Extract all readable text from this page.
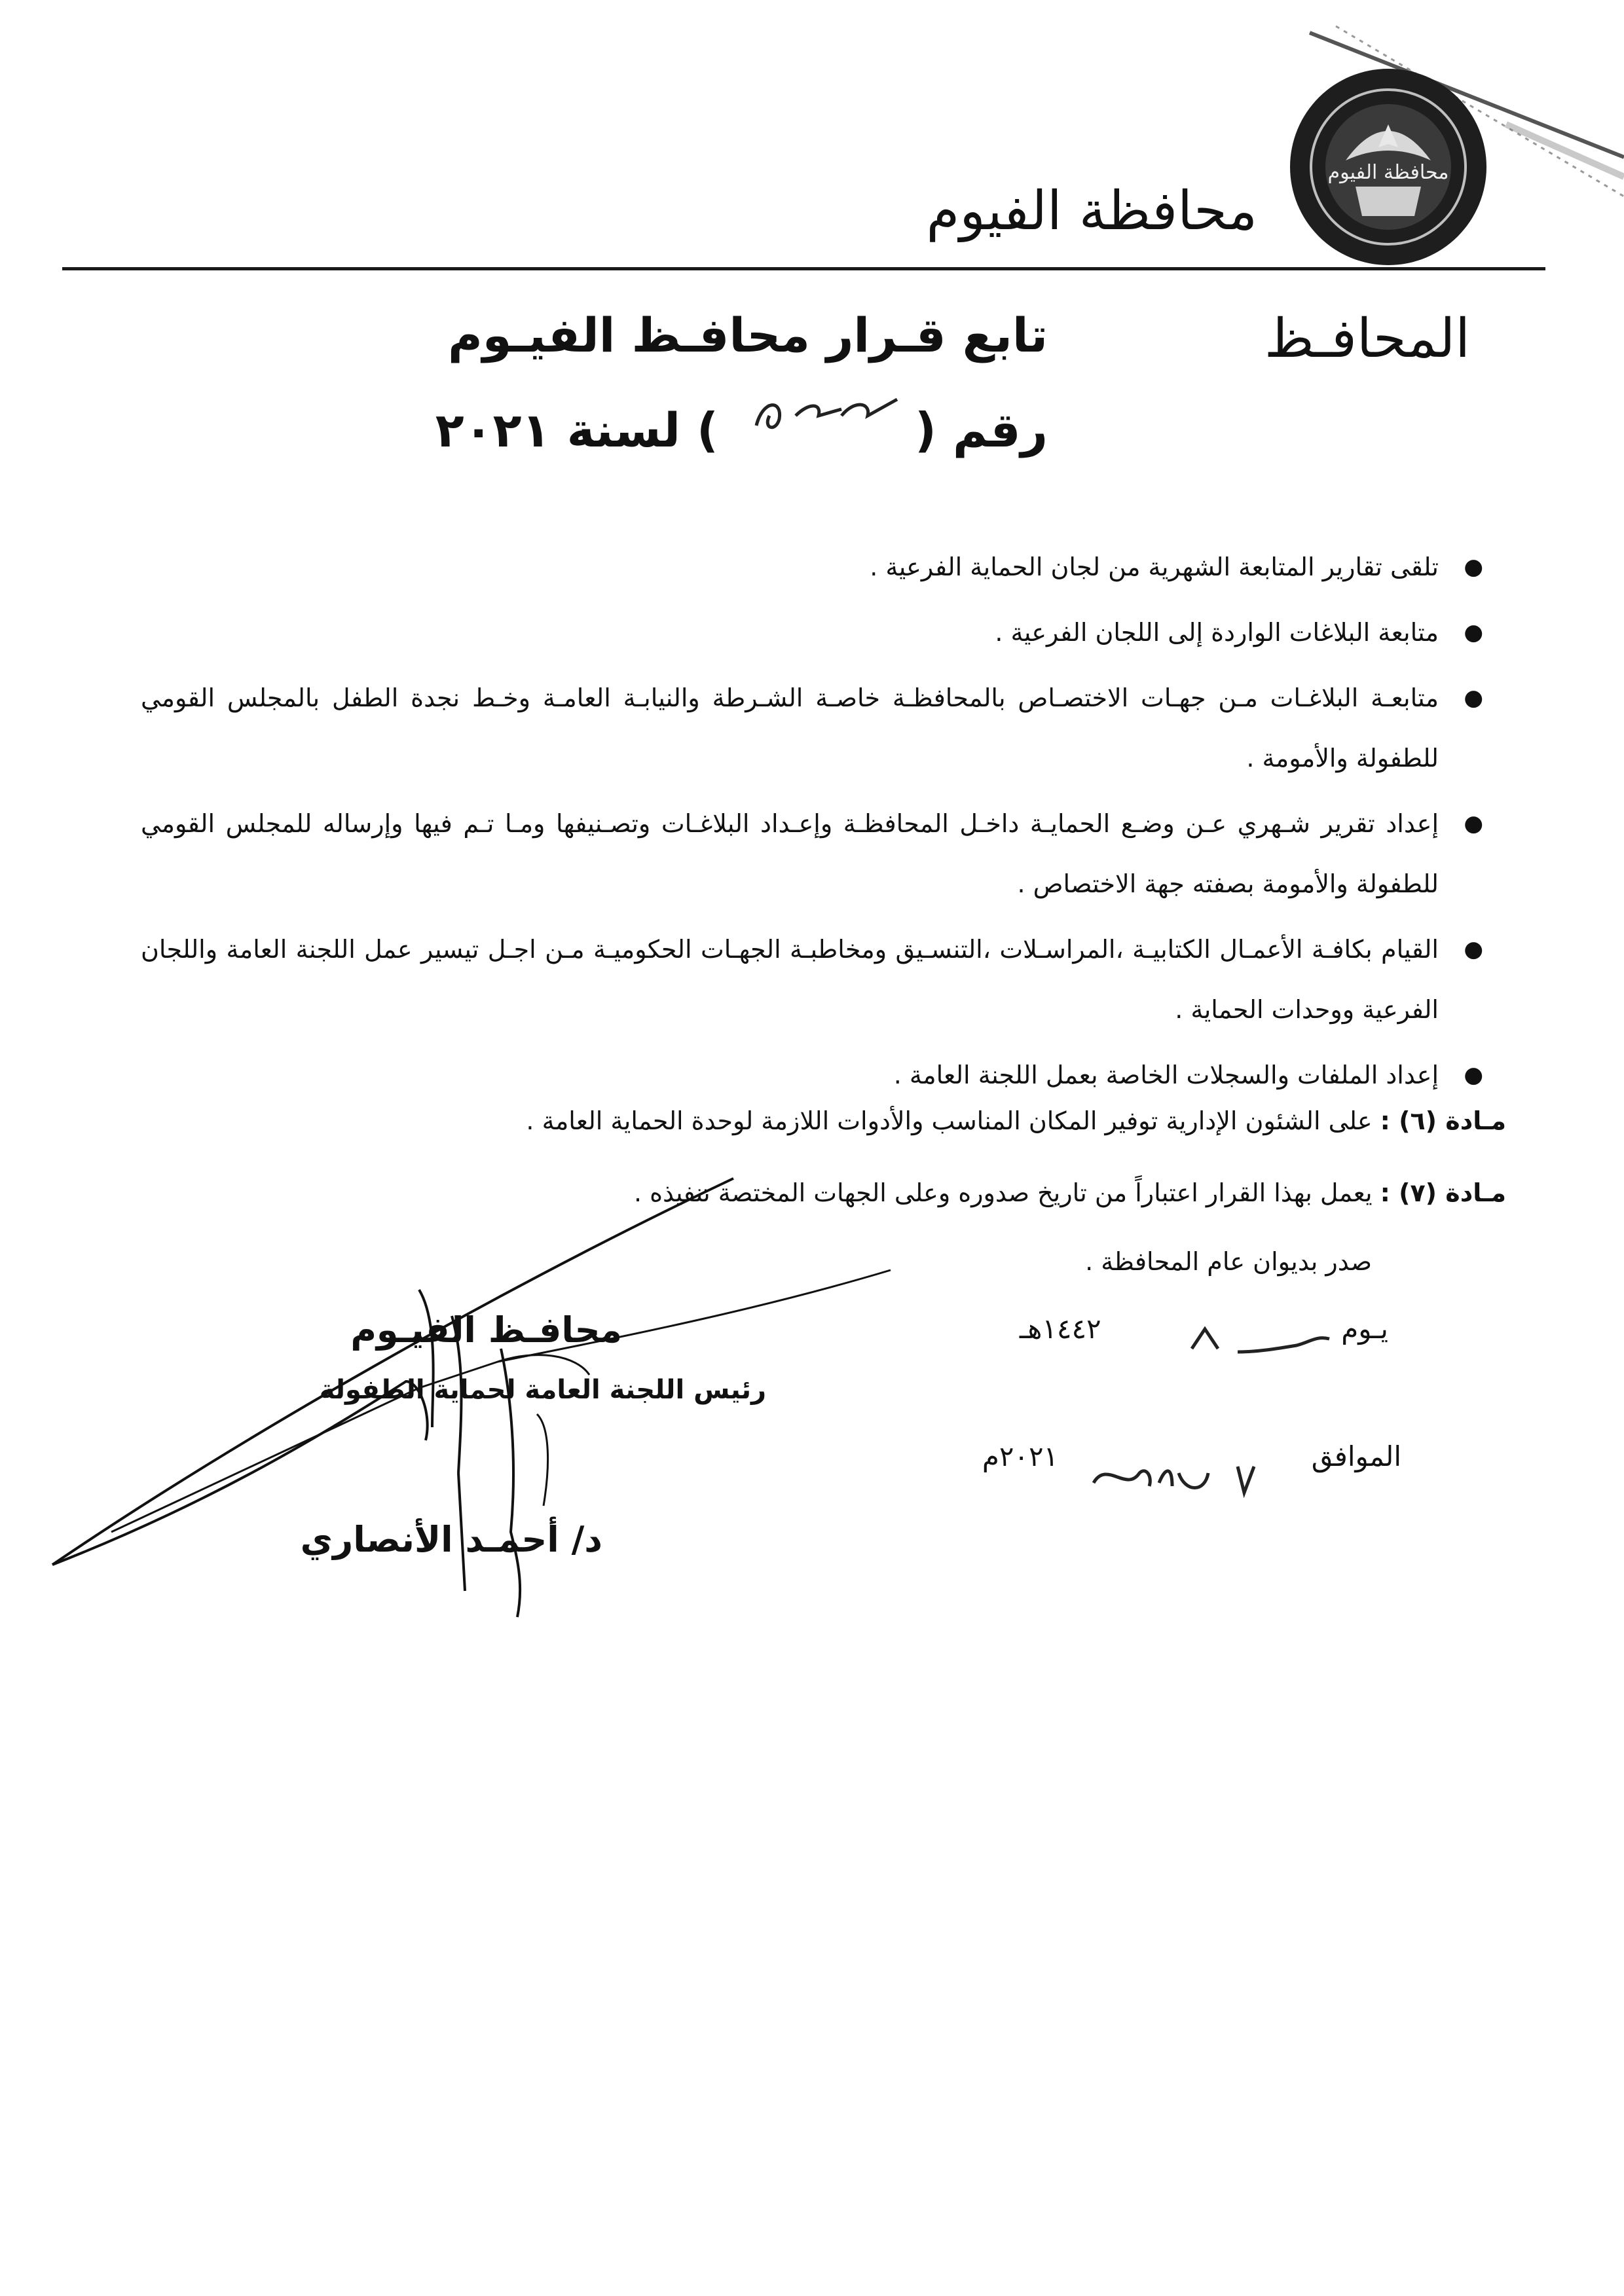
محافظة الفيوم
محافظة الفيوم
المحافـظ
تابع قـرار محافـظ الفيـوم
رقم () لسنة ٢٠٢١	٤٢٢
● تلقى تقارير المتابعة الشهرية من لجان الحماية الفرعية .
● متابعة البلاغات الواردة إلى اللجان الفرعية .
● متابعـة البلاغـات مـن جهـات الاختصـاص بالمحافظـة خاصـة الشـرطة والنيابـة العامـة وخـط نجدة الطفل بالمجلس القومي للطفولة والأمومة .
● إعداد تقرير شـهري عـن وضـع الحمايـة داخـل المحافظـة وإعـداد البلاغـات وتصـنيفها ومـا تـم فيها وإرساله للمجلس القومي للطفولة والأمومة بصفته جهة الاختصاص .
● القيام بكافـة الأعمـال الكتابيـة ،المراسـلات ،التنسـيق ومخاطبـة الجهـات الحكوميـة مـن اجـل تيسير عمل اللجنة العامة واللجان الفرعية ووحدات الحماية .
● إعداد الملفات والسجلات الخاصة بعمل اللجنة العامة .
مـادة (٦) : على الشئون الإدارية توفير المكان المناسب والأدوات اللازمة لوحدة الحماية العامة .
مـادة (٧) : يعمل بهذا القرار اعتباراً من تاريخ صدوره وعلى الجهات المختصة تنفيذه .
صدر بديوان عام المحافظة .
يـوم  ١٤٤٢هـ
٢٧ شـوال
الموافق  ٢٠٢١م
٨ يونيه
محافـظ الفيـوم
رئيس اللجنة العامة لحماية الطفولة
د/ أحمـد الأنصاري
